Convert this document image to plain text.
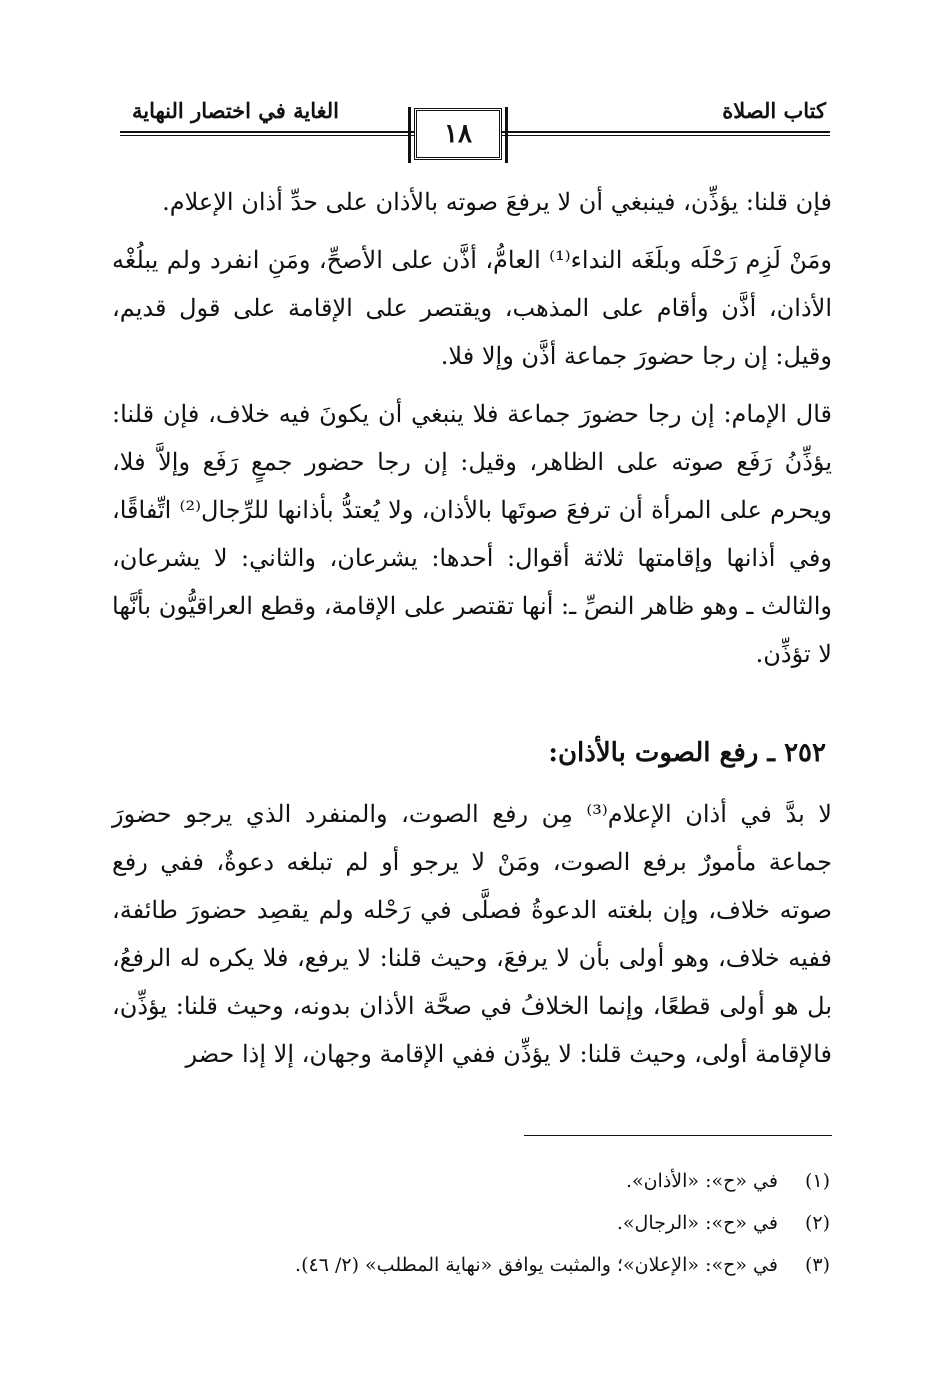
كتاب الصلاة
الغاية في اختصار النهاية
١٨

فإن قلنا: يؤذِّن، فينبغي أن لا يرفعَ صوته بالأذان على حدِّ أذان الإعلام.

ومَنْ لَزِم رَحْلَه وبلَغَه النداء⁽¹⁾ العامُّ، أذَّن على الأصحِّ، ومَنِ انفرد ولم يبلُغْه الأذان، أذَّن وأقام على المذهب، ويقتصر على الإقامة على قول قديم، وقيل: إن رجا حضورَ جماعة أذَّن وإلا فلا.

قال الإمام: إن رجا حضورَ جماعة فلا ينبغي أن يكونَ فيه خلاف، فإن قلنا: يؤذِّنُ رَفَع صوته على الظاهر، وقيل: إن رجا حضور جمعٍ رَفَع وإلاَّ فلا، ويحرم على المرأة أن ترفعَ صوتَها بالأذان، ولا يُعتدُّ بأذانها للرِّجال⁽²⁾ اتِّفاقًا، وفي أذانها وإقامتها ثلاثة أقوال: أحدها: يشرعان، والثاني: لا يشرعان، والثالث ـ وهو ظاهر النصِّ ـ: أنها تقتصر على الإقامة، وقطع العراقيُّون بأنَّها لا تؤذِّن.

٢٥٢ ـ رفع الصوت بالأذان:

لا بدَّ في أذان الإعلام⁽³⁾ مِن رفع الصوت، والمنفرد الذي يرجو حضورَ جماعة مأمورٌ برفع الصوت، ومَنْ لا يرجو أو لم تبلغه دعوةٌ، ففي رفع صوته خلاف، وإن بلغته الدعوةُ فصلَّى في رَحْله ولم يقصِد حضورَ طائفة، ففيه خلاف، وهو أولى بأن لا يرفعَ، وحيث قلنا: لا يرفع، فلا يكره له الرفعُ، بل هو أولى قطعًا، وإنما الخلافُ في صحَّة الأذان بدونه، وحيث قلنا: يؤذِّن، فالإقامة أولى، وحيث قلنا: لا يؤذِّن ففي الإقامة وجهان، إلا إذا حضر

(١) في «ح»: «الأذان».
(٢) في «ح»: «الرجال».
(٣) في «ح»: «الإعلان»؛ والمثبت يوافق «نهاية المطلب» (٢/ ٤٦).
